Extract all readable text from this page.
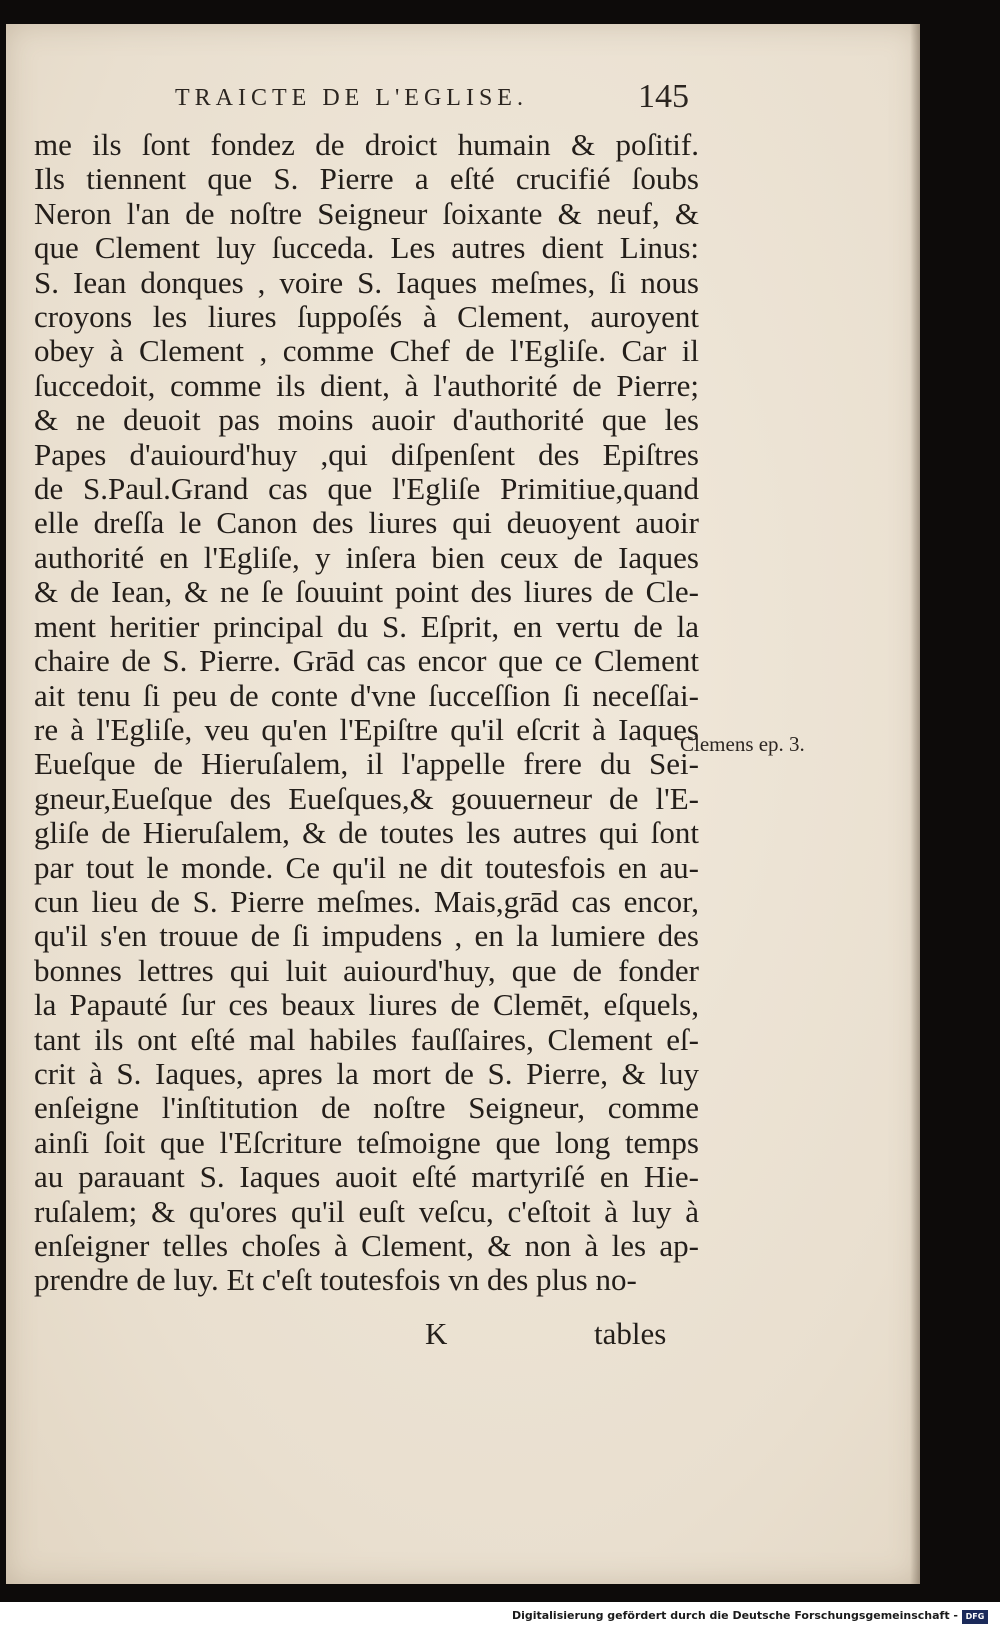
TRAICTE DE L'EGLISE.	145
me ils ſont fondez de droict humain & poſitif.
Ils tiennent que S. Pierre a eſté crucifié ſoubs
Neron l'an de noſtre Seigneur ſoixante & neuf, &
que Clement luy ſucceda. Les autres dient Linus:
S. Iean donques , voire S. Iaques meſmes, ſi nous
croyons les liures ſuppoſés à Clement, auroyent
obey à Clement , comme Chef de l'Egliſe. Car il
ſuccedoit, comme ils dient, à l'authorité de Pierre;
& ne deuoit pas moins auoir d'authorité que les
Papes d'auiourd'huy ,qui diſpenſent des Epiſtres
de S.Paul.Grand cas que l'Egliſe Primitiue,quand
elle dreſſa le Canon des liures qui deuoyent auoir
authorité en l'Egliſe, y inſera bien ceux de Iaques
& de Iean, & ne ſe ſouuint point des liures de Cle-
ment heritier principal du S. Eſprit, en vertu de la
chaire de S. Pierre. Grād cas encor que ce Clement
ait tenu ſi peu de conte d'vne ſucceſſion ſi neceſſai-
re à l'Egliſe, veu qu'en l'Epiſtre qu'il eſcrit à Iaques
Eueſque de Hieruſalem, il l'appelle frere du Sei-
gneur,Eueſque des Eueſques,& gouuerneur de l'E-
gliſe de Hieruſalem, & de toutes les autres qui ſont
par tout le monde. Ce qu'il ne dit toutesfois en au-
cun lieu de S. Pierre meſmes. Mais,grād cas encor,
qu'il s'en trouue de ſi impudens , en la lumiere des
bonnes lettres qui luit auiourd'huy, que de fonder
la Papauté ſur ces beaux liures de Clemēt, eſquels,
tant ils ont eſté mal habiles fauſſaires, Clement eſ-
crit à S. Iaques, apres la mort de S. Pierre, & luy
enſeigne l'inſtitution de noſtre Seigneur, comme
ainſi ſoit que l'Eſcriture teſmoigne que long temps
au parauant S. Iaques auoit eſté martyriſé en Hie-
ruſalem; & qu'ores qu'il euſt veſcu, c'eſtoit à luy à
enſeigner telles choſes à Clement, & non à les ap-
prendre de luy. Et c'eſt toutesfois vn des plus no-
Clemens ep. 3.
K	tables
Digitalisierung gefördert durch die Deutsche Forschungsgemeinschaft - DFG
